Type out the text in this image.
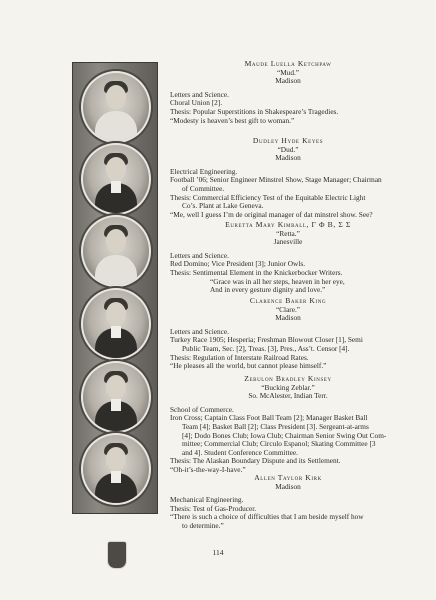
Maude Luella Ketchpaw
“Mud.”
Madison
Letters and Science.
Choral Union [2].
Thesis: Popular Superstitions in Shakespeare’s Tragedies.
“Modesty is heaven’s best gift to woman.”
Dudley Hyde Keyes
“Dud.”
Madison
Electrical Engineering.
Football ’06; Senior Engineer Minstrel Show, Stage Manager; Chairman
of Committee.
Thesis: Commercial Efficiency Test of the Equitable Electric Light
Co’s. Plant at Lake Geneva.
“Me, well I guess I’m de original manager of dat minstrel show. See?
Euretta Mary Kimball, Γ Φ B, Σ Σ
“Retta.”
Janesville
Letters and Science.
Red Domino; Vice President [3]; Junior Owls.
Thesis: Sentimental Element in the Knickerbocker Writers.
“Grace was in all her steps, heaven in her eye,
And in every gesture dignity and love.”
Clarence Baker King
“Clare.”
Madison
Letters and Science.
Turkey Race 1905; Hesperia; Freshman Blowout Closer [1], Semi
Public Team, Sec. [2], Treas. [3], Pres., Ass’t. Censor [4].
Thesis: Regulation of Interstate Railroad Rates.
“He pleases all the world, but cannot please himself.”
Zebulon Bradley Kinsey
“Bucking Zeblar.”
So. McAlester, Indian Terr.
School of Commerce.
Iron Cross; Captain Class Foot Ball Team [2]; Manager Basket Ball
Team [4]; Basket Ball [2]; Class President [3]. Sergeant-at-arms
[4]; Dodo Bones Club; Iowa Club; Chairman Senior Swing Out Com-
mittee; Commercial Club; Circulo Espanol; Skating Committee [3
and 4]. Student Conference Committee.
Thesis: The Alaskan Boundary Dispute and its Settlement.
“Oh-it’s-the-way-I-have.”
Allen Taylor Kirk
Madison
Mechanical Engineering.
Thesis: Test of Gas-Producer.
“There is such a choice of difficulties that I am beside myself how
to determine.”
114
